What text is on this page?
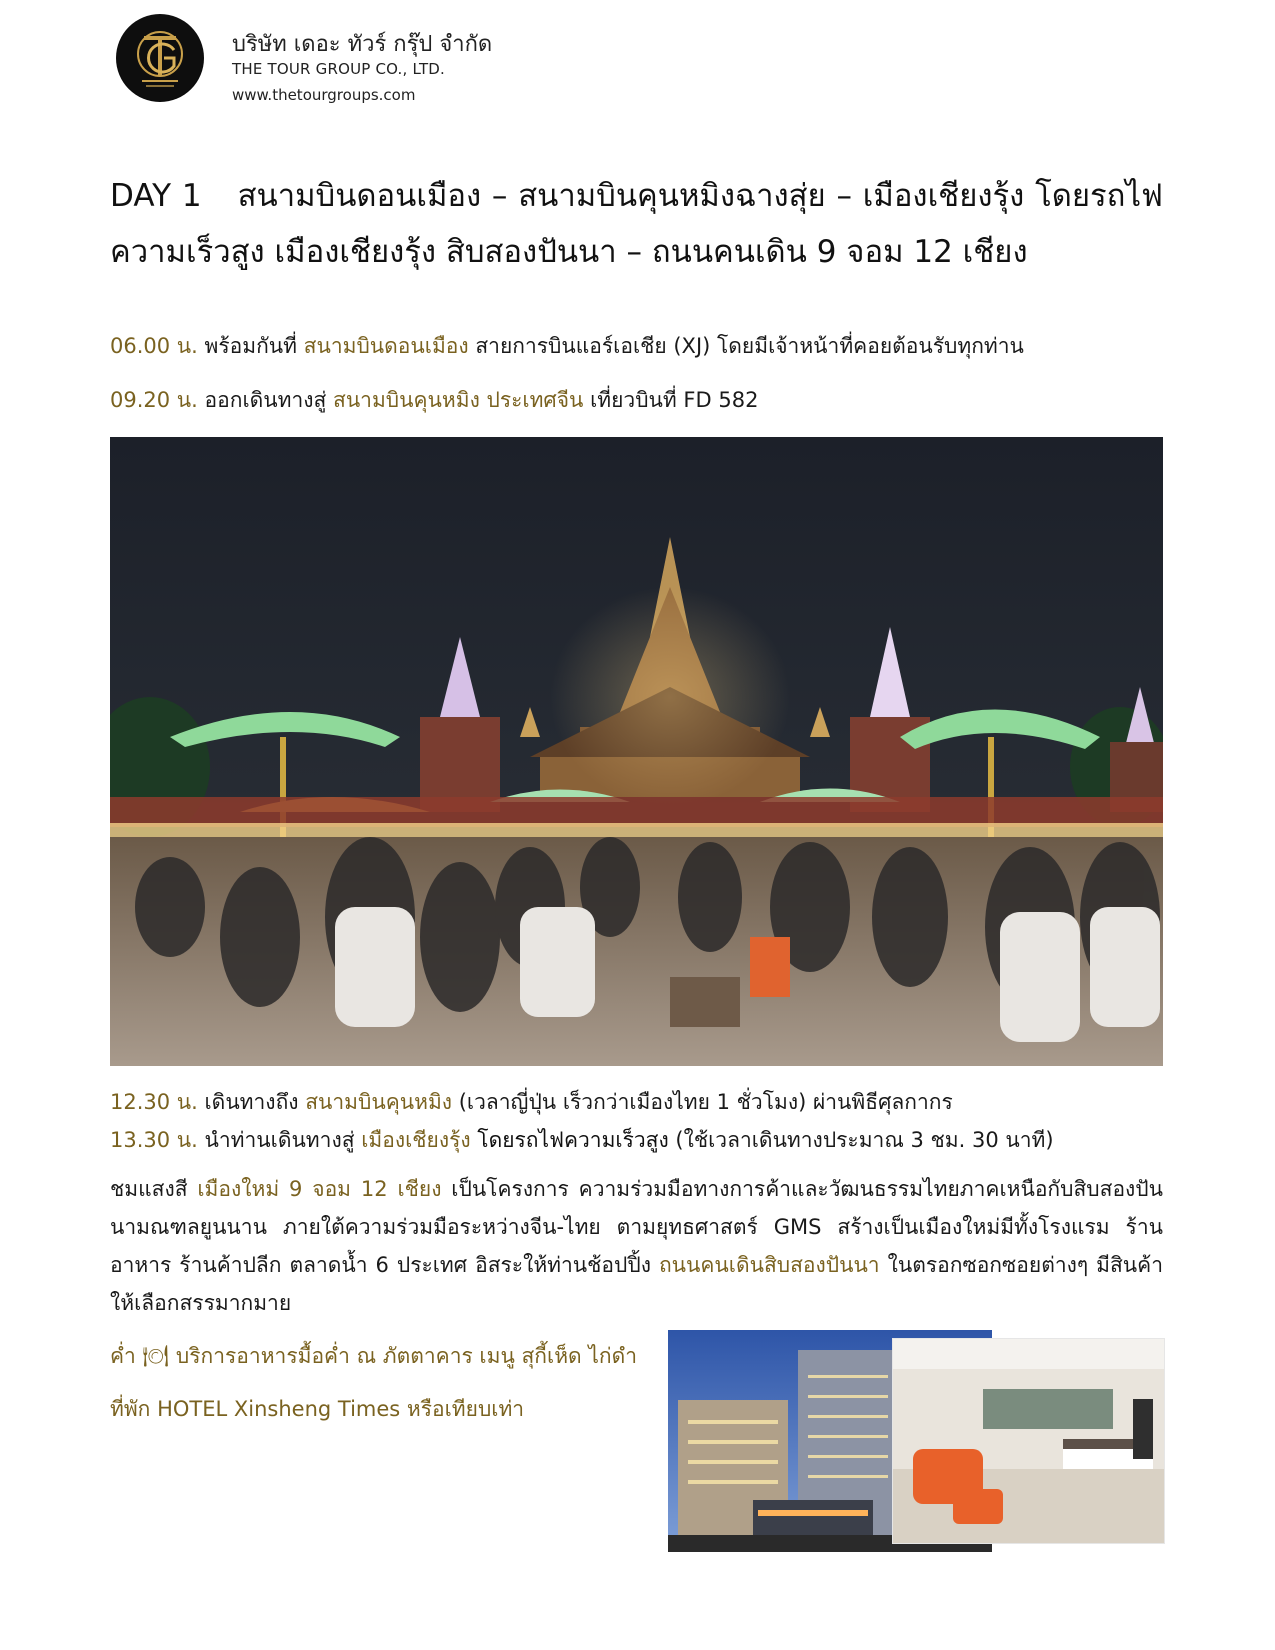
บริษัท เดอะ ทัวร์ กรุ๊ป จำกัด
THE TOUR GROUP CO., LTD.
www.thetourgroups.com
DAY 1 สนามบินดอนเมือง – สนามบินคุนหมิงฉางสุ่ย – เมืองเชียงรุ้ง โดยรถไฟความเร็วสูง เมืองเชียงรุ้ง สิบสองปันนา – ถนนคนเดิน 9 จอม 12 เชียง
06.00 น. พร้อมกันที่ สนามบินดอนเมือง สายการบินแอร์เอเชีย (XJ) โดยมีเจ้าหน้าที่คอยต้อนรับทุกท่าน
09.20 น. ออกเดินทางสู่ สนามบินคุนหมิง ประเทศจีน เที่ยวบินที่ FD 582
12.30 น. เดินทางถึง สนามบินคุนหมิง (เวลาญี่ปุ่น เร็วกว่าเมืองไทย 1 ชั่วโมง) ผ่านพิธีศุลกากร
13.30 น. นำท่านเดินทางสู่ เมืองเชียงรุ้ง โดยรถไฟความเร็วสูง (ใช้เวลาเดินทางประมาณ 3 ชม. 30 นาที)
ชมแสงสี เมืองใหม่ 9 จอม 12 เชียง เป็นโครงการ ความร่วมมือทางการค้าและวัฒนธรรมไทยภาคเหนือกับสิบสองปันนามณฑลยูนนาน ภายใต้ความร่วมมือระหว่างจีน-ไทย ตามยุทธศาสตร์ GMS สร้างเป็นเมืองใหม่มีทั้งโรงแรม ร้านอาหาร ร้านค้าปลีก ตลาดน้ำ 6 ประเทศ อิสระให้ท่านช้อปปิ้ง ถนนคนเดินสิบสองปันนา ในตรอกซอกซอยต่างๆ มีสินค้าให้เลือกสรรมากมาย
ค่ำ 🍽 บริการอาหารมื้อค่ำ ณ ภัตตาคาร เมนู สุกี้เห็ด ไก่ดำ
ที่พัก HOTEL Xinsheng Times หรือเทียบเท่า
